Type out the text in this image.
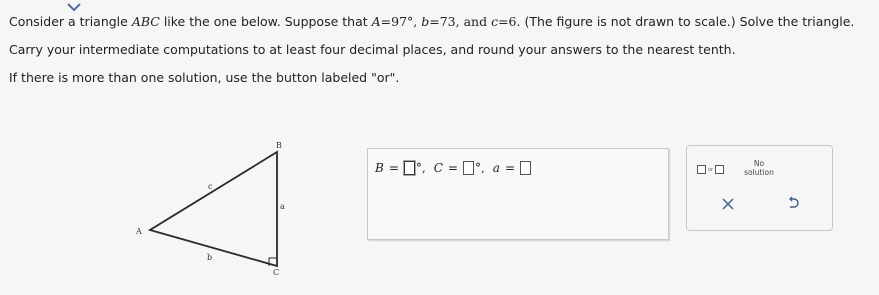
Consider a triangle ABC like the one below. Suppose that A=97°, b=73, and c=6. (The figure is not drawn to scale.) Solve the triangle.
Carry your intermediate computations to at least four decimal places, and round your answers to the nearest tenth.
If there is more than one solution, use the button labeled "or".
B
A
C
a
b
c
B = ° , C = ° , a =	or
No solution
